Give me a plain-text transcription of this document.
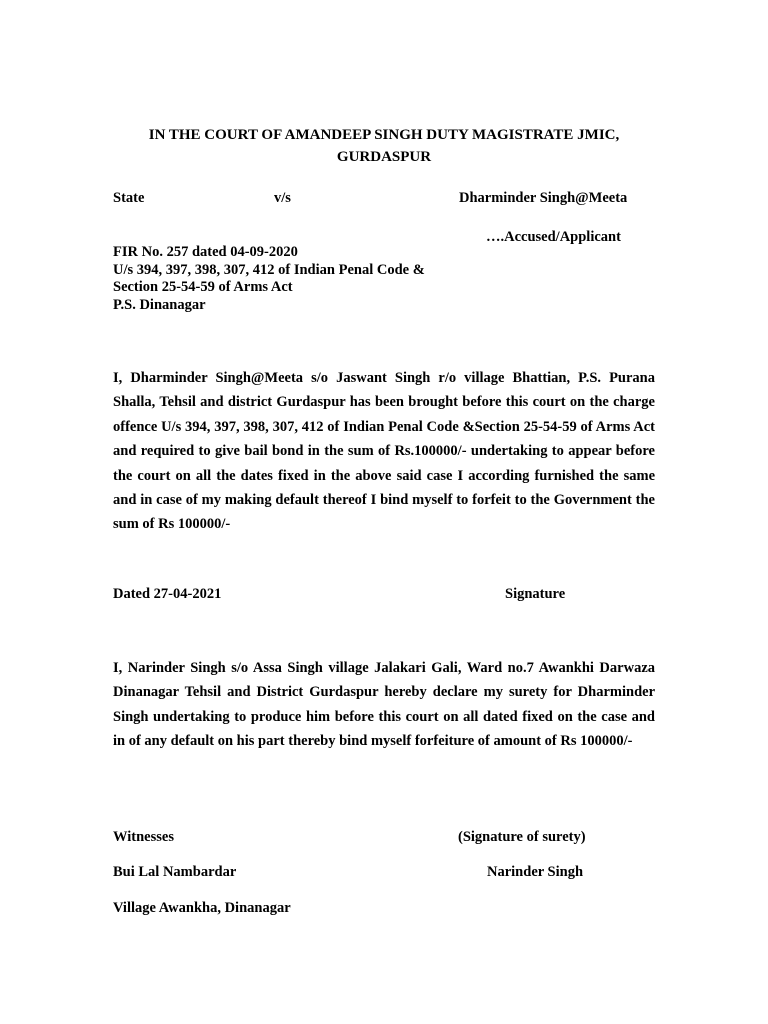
IN THE COURT OF AMANDEEP SINGH DUTY MAGISTRATE JMIC,
GURDASPUR
State	v/s	Dharminder Singh@Meeta
….Accused/Applicant
FIR No. 257 dated 04-09-2020
U/s 394, 397, 398, 307, 412 of Indian Penal Code &
Section 25-54-59 of Arms Act
P.S. Dinanagar
I, Dharminder Singh@Meeta s/o Jaswant Singh r/o village Bhattian, P.S. Purana Shalla, Tehsil and district Gurdaspur has been brought before this court on the charge offence U/s 394, 397, 398, 307, 412 of Indian Penal Code &Section 25-54-59 of Arms Act and required to give bail bond in the sum of Rs.100000/- undertaking to appear before the court on all the dates fixed in the above said case I according furnished the same and in case of my making default thereof I bind myself to forfeit to the Government the sum of Rs 100000/-
Dated 27-04-2021	Signature
I, Narinder Singh s/o Assa Singh village Jalakari Gali, Ward no.7 Awankhi Darwaza Dinanagar Tehsil and District Gurdaspur hereby declare my surety for Dharminder Singh undertaking to produce him before this court on all dated fixed on the case and in of any default on his part thereby bind myself forfeiture of amount of Rs 100000/-
Witnesses	(Signature of surety)
Bui Lal Nambardar	Narinder Singh
Village Awankha, Dinanagar
